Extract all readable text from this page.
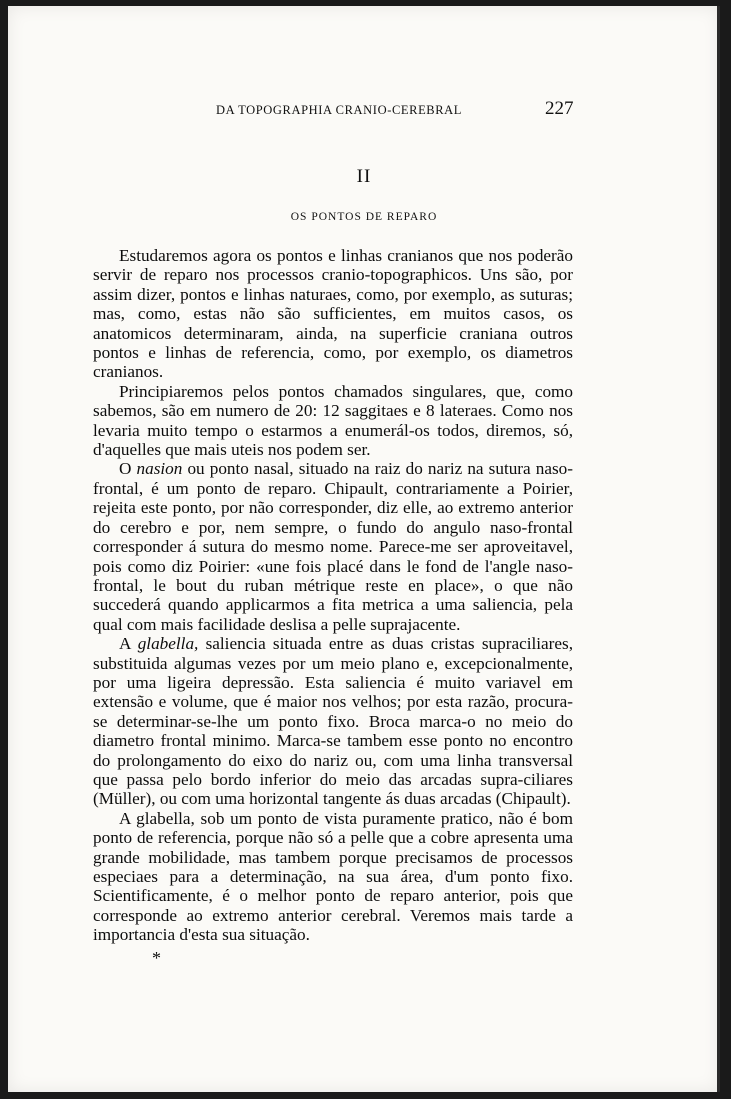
DA TOPOGRAPHIA CRANIO-CEREBRAL	227
II
OS PONTOS DE REPARO

Estudaremos agora os pontos e linhas cranianos que nos poderão servir de reparo nos processos cranio-topographicos. Uns são, por assim dizer, pontos e linhas naturaes, como, por exemplo, as suturas; mas, como, estas não são sufficientes, em muitos casos, os anatomicos determinaram, ainda, na superficie craniana outros pontos e linhas de referencia, como, por exemplo, os diametros cranianos.

Principiaremos pelos pontos chamados singulares, que, como sabemos, são em numero de 20: 12 saggitaes e 8 lateraes. Como nos levaria muito tempo o estarmos a enumerál-os todos, diremos, só, d'aquelles que mais uteis nos podem ser.

O nasion ou ponto nasal, situado na raiz do nariz na sutura naso-frontal, é um ponto de reparo. Chipault, contrariamente a Poirier, rejeita este ponto, por não corresponder, diz elle, ao extremo anterior do cerebro e por, nem sempre, o fundo do angulo naso-frontal corresponder á sutura do mesmo nome. Parece-me ser aproveitavel, pois como diz Poirier: «une fois placé dans le fond de l'angle naso-frontal, le bout du ruban métrique reste en place», o que não succederá quando applicarmos a fita metrica a uma saliencia, pela qual com mais facilidade deslisa a pelle suprajacente.

A glabella, saliencia situada entre as duas cristas supraciliares, substituida algumas vezes por um meio plano e, excepcionalmente, por uma ligeira depressão. Esta saliencia é muito variavel em extensão e volume, que é maior nos velhos; por esta razão, procura-se determinar-se-lhe um ponto fixo. Broca marca-o no meio do diametro frontal minimo. Marca-se tambem esse ponto no encontro do prolongamento do eixo do nariz ou, com uma linha transversal que passa pelo bordo inferior do meio das arcadas supra-ciliares (Müller), ou com uma horizontal tangente ás duas arcadas (Chipault).

A glabella, sob um ponto de vista puramente pratico, não é bom ponto de referencia, porque não só a pelle que a cobre apresenta uma grande mobilidade, mas tambem porque precisamos de processos especiaes para a determinação, na sua área, d'um ponto fixo. Scientificamente, é o melhor ponto de reparo anterior, pois que corresponde ao extremo anterior cerebral. Veremos mais tarde a importancia d'esta sua situação.

*
